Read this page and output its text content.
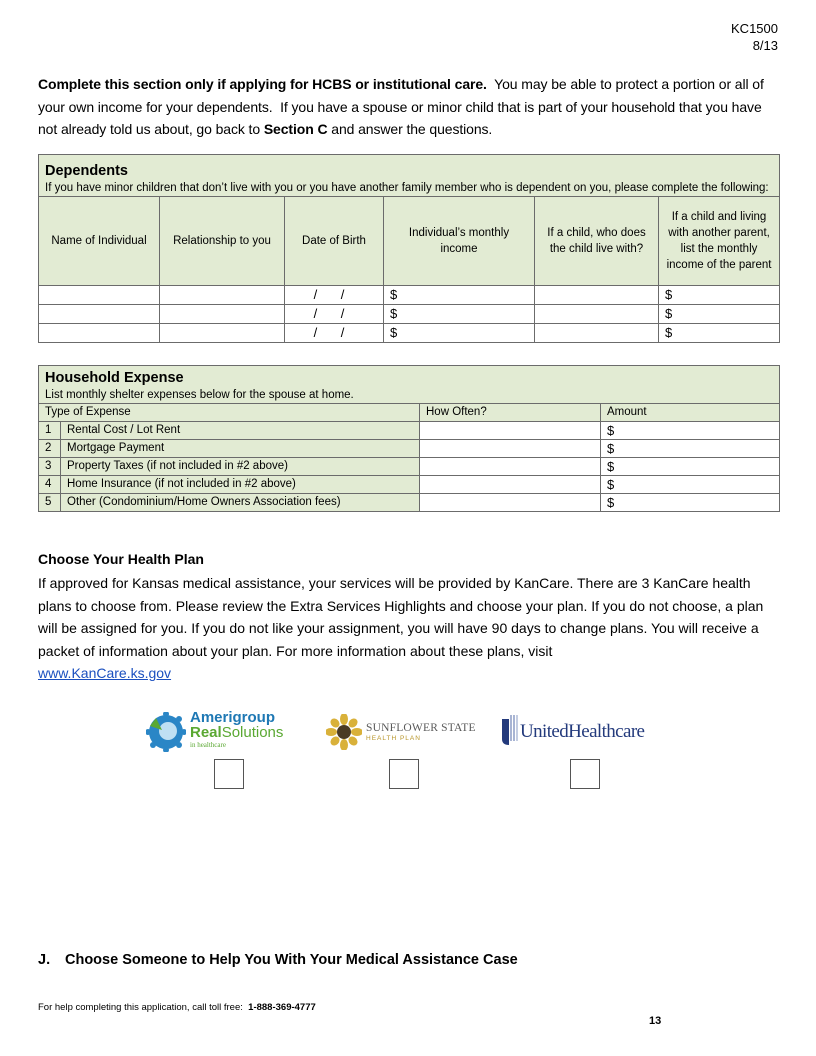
KC1500
8/13
Complete this section only if applying for HCBS or institutional care.  You may be able to protect a portion or all of your own income for your dependents.  If you have a spouse or minor child that is part of your household that you have not already told us about, go back to Section C and answer the questions.
Dependents
If you have minor children that don’t live with you or you have another family member who is dependent on you, please complete the following:					

Name of Individual	Relationship to you	Date of Birth	Individual’s monthly income	If a child, who does the child live with?	If a child and living with another parent, list the monthly income of the parent
		/ /	$		$
		/ /	$		$
		/ /	$		$
Household Expense
List monthly shelter expenses below for the spouse at home.			

Type of Expense		How Often?	Amount
1	Rental Cost / Lot Rent		$
2	Mortgage Payment		$
3	Property Taxes (if not included in #2 above)		$
4	Home Insurance (if not included in #2 above)		$
5	Other (Condominium/Home Owners Association fees)		$
Choose Your Health Plan
If approved for Kansas medical assistance, your services will be provided by KanCare. There are 3 KanCare health plans to choose from. Please review the Extra Services Highlights and choose your plan. If you do not choose, a plan will be assigned for you. If you do not like your assignment, you will have 90 days to change plans. You will receive a packet of information about your plan. For more information about these plans, visit
www.KanCare.ks.gov
Amerigroup
RealSolutions
in healthcare
SUNFLOWER STATE
HEALTH PLAN	UnitedHealthcare
J. Choose Someone to Help You With Your Medical Assistance Case
For help completing this application, call toll free:  1-888-369-4777
13
